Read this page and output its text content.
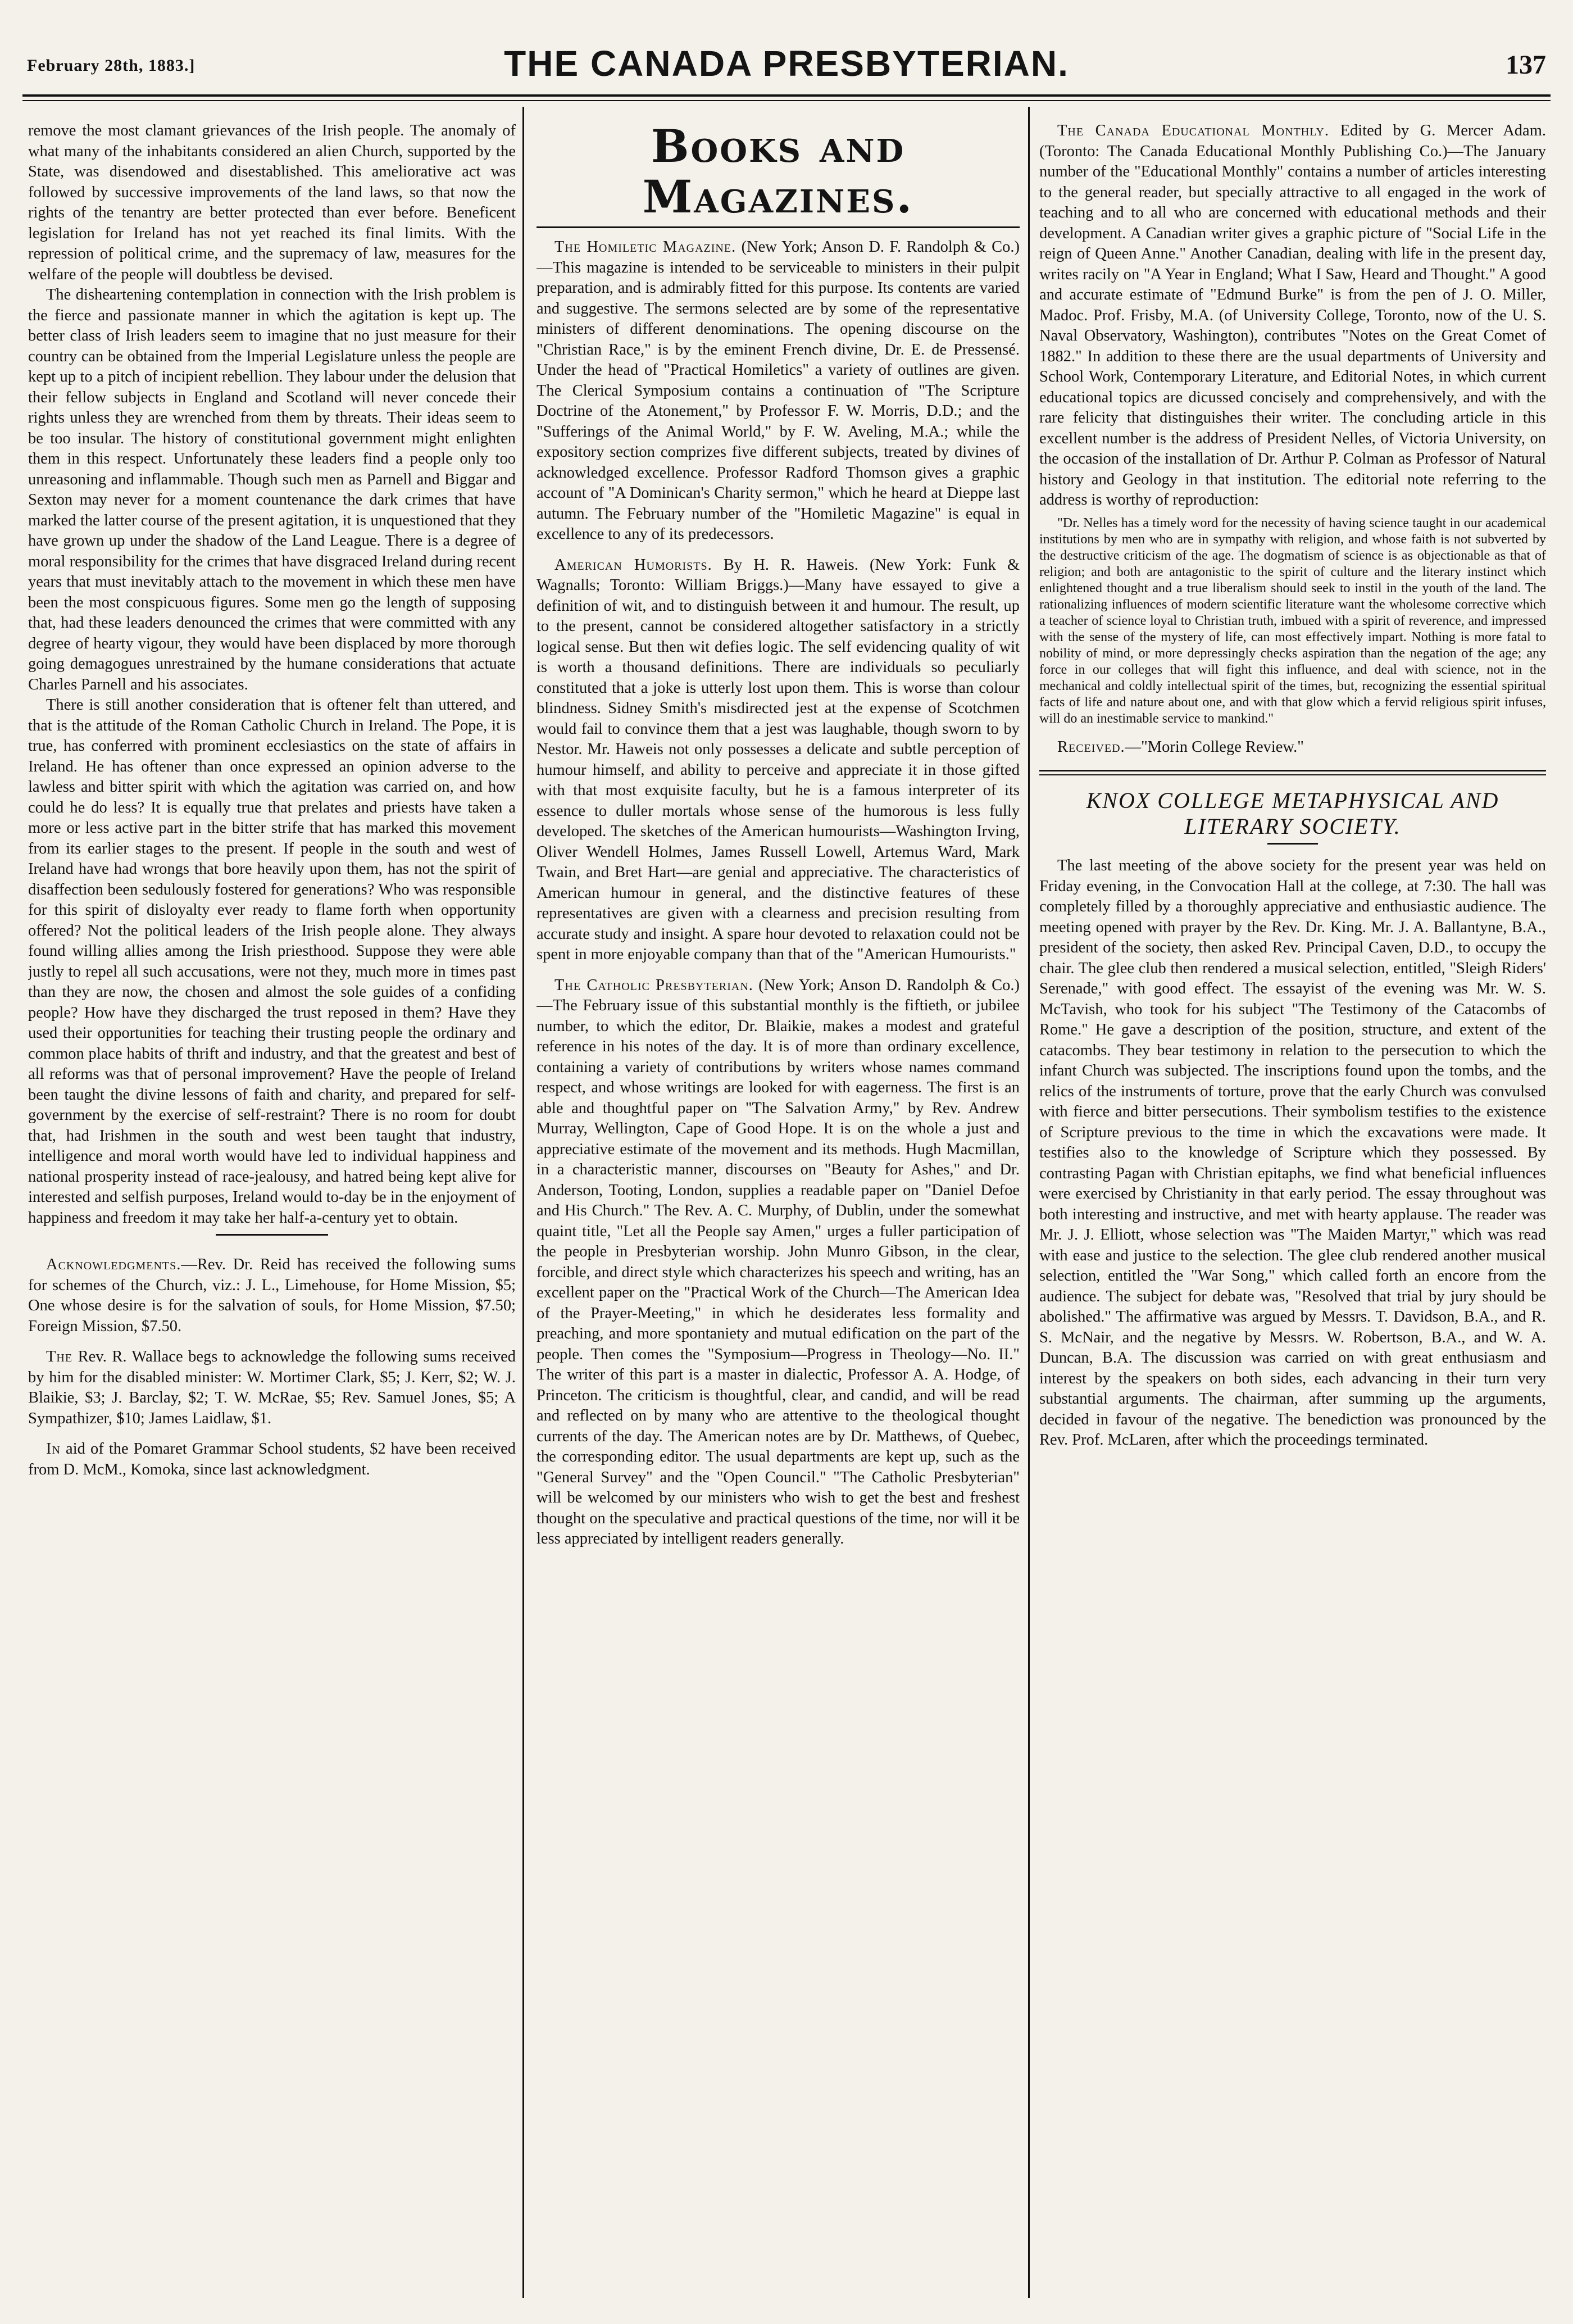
February 28th, 1883.]	THE CANADA PRESBYTERIAN.	137

remove the most clamant grievances of the Irish people. The anomaly of what many of the inhabitants considered an alien Church, supported by the State, was disendowed and disestablished. This ameliorative act was followed by successive improvements of the land laws, so that now the rights of the tenantry are better protected than ever before. Beneficent legislation for Ireland has not yet reached its final limits. With the repression of political crime, and the supremacy of law, measures for the welfare of the people will doubtless be devised.

The disheartening contemplation in connection with the Irish problem is the fierce and passionate manner in which the agitation is kept up. The better class of Irish leaders seem to imagine that no just measure for their country can be obtained from the Imperial Legislature unless the people are kept up to a pitch of incipient rebellion. They labour under the delusion that their fellow subjects in England and Scotland will never concede their rights unless they are wrenched from them by threats. Their ideas seem to be too insular. The history of constitutional government might enlighten them in this respect. Unfortunately these leaders find a people only too unreasoning and inflammable. Though such men as Parnell and Biggar and Sexton may never for a moment countenance the dark crimes that have marked the latter course of the present agitation, it is unquestioned that they have grown up under the shadow of the Land League. There is a degree of moral responsibility for the crimes that have disgraced Ireland during recent years that must inevitably attach to the movement in which these men have been the most conspicuous figures. Some men go the length of supposing that, had these leaders denounced the crimes that were committed with any degree of hearty vigour, they would have been displaced by more thorough going demagogues unrestrained by the humane considerations that actuate Charles Parnell and his associates.

There is still another consideration that is oftener felt than uttered, and that is the attitude of the Roman Catholic Church in Ireland. The Pope, it is true, has conferred with prominent ecclesiastics on the state of affairs in Ireland. He has oftener than once expressed an opinion adverse to the lawless and bitter spirit with which the agitation was carried on, and how could he do less? It is equally true that prelates and priests have taken a more or less active part in the bitter strife that has marked this movement from its earlier stages to the present. If people in the south and west of Ireland have had wrongs that bore heavily upon them, has not the spirit of disaffection been sedulously fostered for generations? Who was responsible for this spirit of disloyalty ever ready to flame forth when opportunity offered? Not the political leaders of the Irish people alone. They always found willing allies among the Irish priesthood. Suppose they were able justly to repel all such accusations, were not they, much more in times past than they are now, the chosen and almost the sole guides of a confiding people? How have they discharged the trust reposed in them? Have they used their opportunities for teaching their trusting people the ordinary and common place habits of thrift and industry, and that the greatest and best of all reforms was that of personal improvement? Have the people of Ireland been taught the divine lessons of faith and charity, and prepared for self-government by the exercise of self-restraint? There is no room for doubt that, had Irishmen in the south and west been taught that industry, intelligence and moral worth would have led to individual happiness and national prosperity instead of race-jealousy, and hatred being kept alive for interested and selfish purposes, Ireland would to-day be in the enjoyment of happiness and freedom it may take her half-a-century yet to obtain.

Acknowledgments.—Rev. Dr. Reid has received the following sums for schemes of the Church, viz.: J. L., Limehouse, for Home Mission, $5; One whose desire is for the salvation of souls, for Home Mission, $7.50; Foreign Mission, $7.50.

The Rev. R. Wallace begs to acknowledge the following sums received by him for the disabled minister: W. Mortimer Clark, $5; J. Kerr, $2; W. J. Blaikie, $3; J. Barclay, $2; T. W. McRae, $5; Rev. Samuel Jones, $5; A Sympathizer, $10; James Laidlaw, $1.

In aid of the Pomaret Grammar School students, $2 have been received from D. McM., Komoka, since last acknowledgment.

Books and Magazines.

The Homiletic Magazine. (New York; Anson D. F. Randolph & Co.)—This magazine is intended to be serviceable to ministers in their pulpit preparation, and is admirably fitted for this purpose. Its contents are varied and suggestive. The sermons selected are by some of the representative ministers of different denominations. The opening discourse on the "Christian Race," is by the eminent French divine, Dr. E. de Pressensé. Under the head of "Practical Homiletics" a variety of outlines are given. The Clerical Symposium contains a continuation of "The Scripture Doctrine of the Atonement," by Professor F. W. Morris, D.D.; and the "Sufferings of the Animal World," by F. W. Aveling, M.A.; while the expository section comprizes five different subjects, treated by divines of acknowledged excellence. Professor Radford Thomson gives a graphic account of "A Dominican's Charity sermon," which he heard at Dieppe last autumn. The February number of the "Homiletic Magazine" is equal in excellence to any of its predecessors.

American Humorists. By H. R. Haweis. (New York: Funk & Wagnalls; Toronto: William Briggs.)—Many have essayed to give a definition of wit, and to distinguish between it and humour. The result, up to the present, cannot be considered altogether satisfactory in a strictly logical sense. But then wit defies logic. The self evidencing quality of wit is worth a thousand definitions. There are individuals so peculiarly constituted that a joke is utterly lost upon them. This is worse than colour blindness. Sidney Smith's misdirected jest at the expense of Scotchmen would fail to convince them that a jest was laughable, though sworn to by Nestor. Mr. Haweis not only possesses a delicate and subtle perception of humour himself, and ability to perceive and appreciate it in those gifted with that most exquisite faculty, but he is a famous interpreter of its essence to duller mortals whose sense of the humorous is less fully developed. The sketches of the American humourists—Washington Irving, Oliver Wendell Holmes, James Russell Lowell, Artemus Ward, Mark Twain, and Bret Hart—are genial and appreciative. The characteristics of American humour in general, and the distinctive features of these representatives are given with a clearness and precision resulting from accurate study and insight. A spare hour devoted to relaxation could not be spent in more enjoyable company than that of the "American Humourists."

The Catholic Presbyterian. (New York; Anson D. Randolph & Co.)—The February issue of this substantial monthly is the fiftieth, or jubilee number, to which the editor, Dr. Blaikie, makes a modest and grateful reference in his notes of the day. It is of more than ordinary excellence, containing a variety of contributions by writers whose names command respect, and whose writings are looked for with eagerness. The first is an able and thoughtful paper on "The Salvation Army," by Rev. Andrew Murray, Wellington, Cape of Good Hope. It is on the whole a just and appreciative estimate of the movement and its methods. Hugh Macmillan, in a characteristic manner, discourses on "Beauty for Ashes," and Dr. Anderson, Tooting, London, supplies a readable paper on "Daniel Defoe and His Church." The Rev. A. C. Murphy, of Dublin, under the somewhat quaint title, "Let all the People say Amen," urges a fuller participation of the people in Presbyterian worship. John Munro Gibson, in the clear, forcible, and direct style which characterizes his speech and writing, has an excellent paper on the "Practical Work of the Church—The American Idea of the Prayer-Meeting," in which he desiderates less formality and preaching, and more spontaniety and mutual edification on the part of the people. Then comes the "Symposium—Progress in Theology—No. II." The writer of this part is a master in dialectic, Professor A. A. Hodge, of Princeton. The criticism is thoughtful, clear, and candid, and will be read and reflected on by many who are attentive to the theological thought currents of the day. The American notes are by Dr. Matthews, of Quebec, the corresponding editor. The usual departments are kept up, such as the "General Survey" and the "Open Council." "The Catholic Presbyterian" will be welcomed by our ministers who wish to get the best and freshest thought on the speculative and practical questions of the time, nor will it be less appreciated by intelligent readers generally.

The Canada Educational Monthly. Edited by G. Mercer Adam. (Toronto: The Canada Educational Monthly Publishing Co.)—The January number of the "Educational Monthly" contains a number of articles interesting to the general reader, but specially attractive to all engaged in the work of teaching and to all who are concerned with educational methods and their development. A Canadian writer gives a graphic picture of "Social Life in the reign of Queen Anne." Another Canadian, dealing with life in the present day, writes racily on "A Year in England; What I Saw, Heard and Thought." A good and accurate estimate of "Edmund Burke" is from the pen of J. O. Miller, Madoc. Prof. Frisby, M.A. (of University College, Toronto, now of the U. S. Naval Observatory, Washington), contributes "Notes on the Great Comet of 1882." In addition to these there are the usual departments of University and School Work, Contemporary Literature, and Editorial Notes, in which current educational topics are dicussed concisely and comprehensively, and with the rare felicity that distinguishes their writer. The concluding article in this excellent number is the address of President Nelles, of Victoria University, on the occasion of the installation of Dr. Arthur P. Colman as Professor of Natural history and Geology in that institution. The editorial note referring to the address is worthy of reproduction:

"Dr. Nelles has a timely word for the necessity of having science taught in our academical institutions by men who are in sympathy with religion, and whose faith is not subverted by the destructive criticism of the age. The dogmatism of science is as objectionable as that of religion; and both are antagonistic to the spirit of culture and the literary instinct which enlightened thought and a true liberalism should seek to instil in the youth of the land. The rationalizing influences of modern scientific literature want the wholesome corrective which a teacher of science loyal to Christian truth, imbued with a spirit of reverence, and impressed with the sense of the mystery of life, can most effectively impart. Nothing is more fatal to nobility of mind, or more depressingly checks aspiration than the negation of the age; any force in our colleges that will fight this influence, and deal with science, not in the mechanical and coldly intellectual spirit of the times, but, recognizing the essential spiritual facts of life and nature about one, and with that glow which a fervid religious spirit infuses, will do an inestimable service to mankind."

Received.—"Morin College Review."

KNOX COLLEGE METAPHYSICAL AND LITERARY SOCIETY.

The last meeting of the above society for the present year was held on Friday evening, in the Convocation Hall at the college, at 7:30. The hall was completely filled by a thoroughly appreciative and enthusiastic audience. The meeting opened with prayer by the Rev. Dr. King. Mr. J. A. Ballantyne, B.A., president of the society, then asked Rev. Principal Caven, D.D., to occupy the chair. The glee club then rendered a musical selection, entitled, "Sleigh Riders' Serenade," with good effect. The essayist of the evening was Mr. W. S. McTavish, who took for his subject "The Testimony of the Catacombs of Rome." He gave a description of the position, structure, and extent of the catacombs. They bear testimony in relation to the persecution to which the infant Church was subjected. The inscriptions found upon the tombs, and the relics of the instruments of torture, prove that the early Church was convulsed with fierce and bitter persecutions. Their symbolism testifies to the existence of Scripture previous to the time in which the excavations were made. It testifies also to the knowledge of Scripture which they possessed. By contrasting Pagan with Christian epitaphs, we find what beneficial influences were exercised by Christianity in that early period. The essay throughout was both interesting and instructive, and met with hearty applause. The reader was Mr. J. J. Elliott, whose selection was "The Maiden Martyr," which was read with ease and justice to the selection. The glee club rendered another musical selection, entitled the "War Song," which called forth an encore from the audience. The subject for debate was, "Resolved that trial by jury should be abolished." The affirmative was argued by Messrs. T. Davidson, B.A., and R. S. McNair, and the negative by Messrs. W. Robertson, B.A., and W. A. Duncan, B.A. The discussion was carried on with great enthusiasm and interest by the speakers on both sides, each advancing in their turn very substantial arguments. The chairman, after summing up the arguments, decided in favour of the negative. The benediction was pronounced by the Rev. Prof. McLaren, after which the proceedings terminated.
